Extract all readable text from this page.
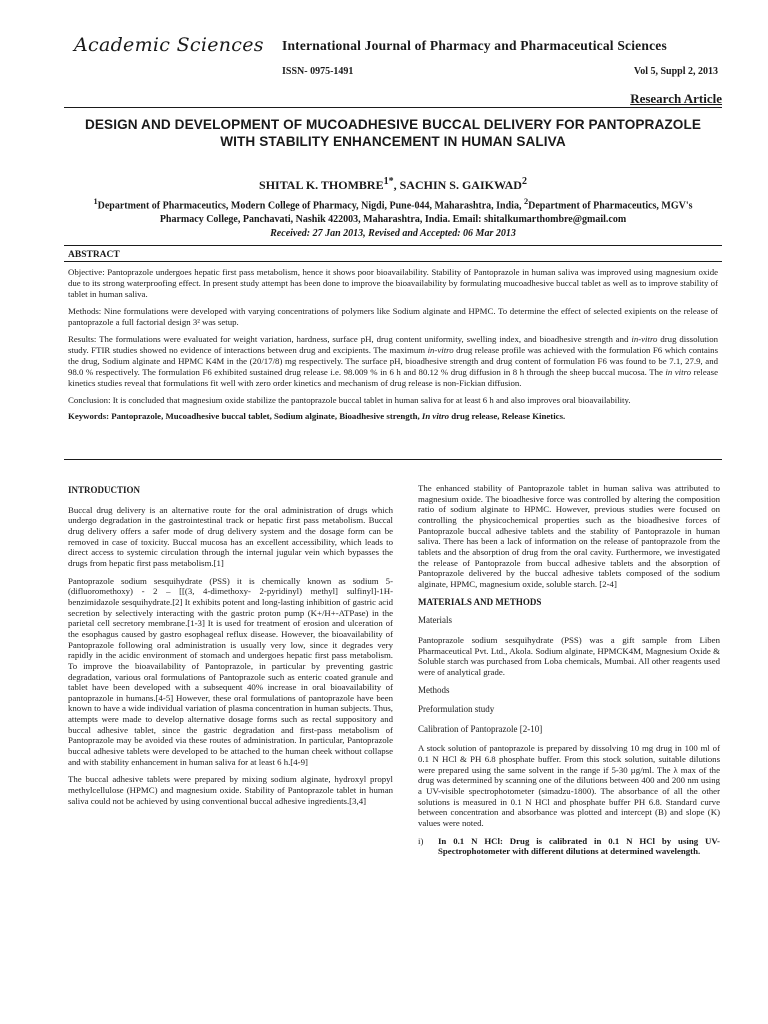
Academic Sciences International Journal of Pharmacy and Pharmaceutical Sciences
ISSN- 0975-1491	Vol 5, Suppl 2, 2013
Research Article
DESIGN AND DEVELOPMENT OF MUCOADHESIVE BUCCAL DELIVERY FOR PANTOPRAZOLE
WITH STABILITY ENHANCEMENT IN HUMAN SALIVA
SHITAL K. $THOMBRE^{1*}$, SACHIN S. GAIKWAD$^2$
$^1$Department of Pharmaceutics, Modern College of Pharmacy, Nigdi, Pune-044, Maharashtra, India, $^2$Department of Pharmaceutics, MGV's
Pharmacy College, Panchavati, Nashik 422003, Maharashtra, India. Email: shitalkumarthombre@gmail.com
Received: 27 Jan 2013, Revised and Accepted: 06 Mar 2013
ABSTRACT

Objective: Pantoprazole undergoes hepatic first pass metabolism, hence it shows poor bioavailability. Stability of Pantoprazole in human saliva was improved using magnesium oxide due to its strong waterproofing effect. In present study attempt has been done to improve the bioavailability by formulating mucoadhesive buccal tablet as well as to improve stability of tablet in human saliva.

Methods: Nine formulations were developed with varying concentrations of polymers like Sodium alginate and HPMC. To determine the effect of selected exipients on the release of pantoprazole a full factorial design 3² was setup.

Results: The formulations were evaluated for weight variation, hardness, surface pH, drug content uniformity, swelling index, and bioadhesive strength and in-vitro drug dissolution study. FTIR studies showed no evidence of interactions between drug and excipients. The maximum in-vitro drug release profile was achieved with the formulation F6 which contains the drug, Sodium alginate and HPMC K4M in the (20/17/8) mg respectively. The surface pH, bioadhesive strength and drug content of formulation F6 was found to be 7.1, 27.9, and 98.0 % respectively. The formulation F6 exhibited sustained drug release i.e. 98.009 % in 6 h and 80.12 % drug diffusion in 8 h through the sheep buccal mucosa. The in vitro release kinetics studies reveal that formulations fit well with zero order kinetics and mechanism of drug release is non-Fickian diffusion.

Conclusion: It is concluded that magnesium oxide stabilize the pantoprazole buccal tablet in human saliva for at least 6 h and also improves oral bioavailability.

Keywords: Pantoprazole, Mucoadhesive buccal tablet, Sodium alginate, Bioadhesive strength, In vitro drug release, Release Kinetics.

INTRODUCTION

Buccal drug delivery is an alternative route for the oral administration of drugs which undergo degradation in the gastrointestinal track or hepatic first pass metabolism. Buccal drug delivery offers a safer mode of drug delivery system and the dosage form can be removed in case of toxicity. Buccal mucosa has an excellent accessibility, which leads to direct access to systemic circulation through the internal jugular vein which bypasses the drugs from hepatic first pass metabolism.[1]

Pantoprazole sodium sesquihydrate (PSS) it is chemically known as sodium 5- (difluoromethoxy) - 2 – [[(3, 4-dimethoxy- 2-pyridinyl) methyl] sulfinyl]-1H-benzimidazole sesquihydrate.[2] It exhibits potent and long-lasting inhibition of gastric acid secretion by selectively interacting with the gastric proton pump (K+/H+-ATPase) in the parietal cell secretory membrane.[1-3] It is used for treatment of erosion and ulceration of the esophagus caused by gastro esophageal reflux disease. However, the bioavailability of Pantoprazole following oral administration is usually very low, since it degrades very rapidly in the acidic environment of stomach and undergoes hepatic first pass metabolism. To improve the bioavailability of Pantoprazole, in particular by preventing gastric degradation, various oral formulations of Pantoprazole such as enteric coated granule and tablet have been developed with a subsequent 40% increase in oral bioavailability of pantoprazole in humans.[4-5] However, these oral formulations of pantoprazole have been known to have a wide individual variation of plasma concentration in human subjects. Thus, attempts were made to develop alternative dosage forms such as rectal suppository and buccal adhesive tablet, since the gastric degradation and first-pass metabolism of Pantoprazole may be avoided via these routes of administration. In particular, Pantoprazole buccal adhesive tablets were developed to be attached to the human cheek without collapse and with stability enhancement in human saliva for at least 6 h.[4-9]

The buccal adhesive tablets were prepared by mixing sodium alginate, hydroxyl propyl methylcellulose (HPMC) and magnesium oxide. Stability of Pantoprazole tablet in human saliva could not be achieved by using conventional buccal adhesive ingredients.[3,4]

The enhanced stability of Pantoprazole tablet in human saliva was attributed to magnesium oxide. The bioadhesive force was controlled by altering the composition ratio of sodium alginate to HPMC. However, previous studies were focused on controlling the physicochemical properties such as the bioadhesive forces of Pantoprazole buccal adhesive tablets and the stability of Pantoprazole in human saliva. There has been a lack of information on the release of pantoprazole from the tablets and the absorption of drug from the oral cavity. Furthermore, we investigated the release of Pantoprazole from buccal adhesive tablets and the absorption of Pantoprazole delivered by the buccal adhesive tablets composed of the sodium alginate, HPMC, magnesium oxide, soluble starch. [2-4]

MATERIALS AND METHODS
Materials

Pantoprazole sodium sesquihydrate (PSS) was a gift sample from Liben Pharmaceutical Pvt. Ltd., Akola. Sodium alginate, HPMCK4M, Magnesium Oxide & Soluble starch was purchased from Loba chemicals, Mumbai. All other reagents used were of analytical grade.

Methods
Preformulation study
Calibration of Pantoprazole [2-10]

A stock solution of pantoprazole is prepared by dissolving 10 mg drug in 100 ml of 0.1 N HCl & PH 6.8 phosphate buffer. From this stock solution, suitable dilutions were prepared using the same solvent in the range if 5-30 µg/ml. The λ max of the drug was determined by scanning one of the dilutions between 400 and 200 nm using a UV-visible spectrophotometer (simadzu-1800). The absorbance of all the other solutions is measured in 0.1 N HCl and phosphate buffer PH 6.8. Standard curve between concentration and absorbance was plotted and intercept (B) and slope (K) values were noted.

i)	In 0.1 N HCl: Drug is calibrated in 0.1 N HCl by using UV-Spectrophotometer with different dilutions at determined wavelength.
